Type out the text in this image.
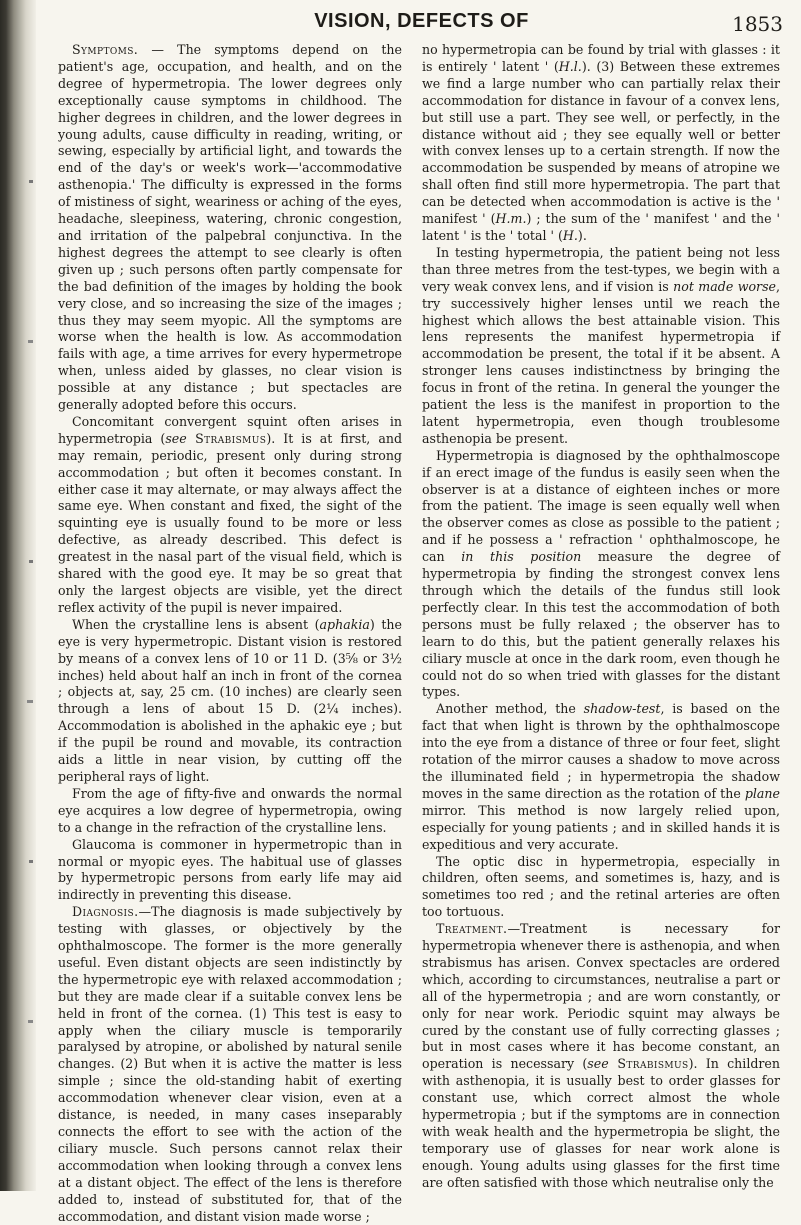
VISION, DEFECTS OF	1853

Symptoms. — The symptoms depend on the patient's age, occupation, and health, and on the degree of hypermetropia. The lower degrees only exceptionally cause symptoms in childhood. The higher degrees in children, and the lower degrees in young adults, cause difficulty in reading, writing, or sewing, especially by artificial light, and towards the end of the day's or week's work—'accommodative asthenopia.' The difficulty is expressed in the forms of mistiness of sight, weariness or aching of the eyes, headache, sleepiness, watering, chronic congestion, and irritation of the palpebral conjunctiva. In the highest degrees the attempt to see clearly is often given up ; such persons often partly compensate for the bad definition of the images by holding the book very close, and so increasing the size of the images ; thus they may seem myopic. All the symptoms are worse when the health is low. As accommodation fails with age, a time arrives for every hypermetrope when, unless aided by glasses, no clear vision is possible at any distance ; but spectacles are generally adopted before this occurs.

Concomitant convergent squint often arises in hypermetropia (see Strabismus). It is at first, and may remain, periodic, present only during strong accommodation ; but often it becomes constant. In either case it may alternate, or may always affect the same eye. When constant and fixed, the sight of the squinting eye is usually found to be more or less defective, as already described. This defect is greatest in the nasal part of the visual field, which is shared with the good eye. It may be so great that only the largest objects are visible, yet the direct reflex activity of the pupil is never impaired.

When the crystalline lens is absent (aphakia) the eye is very hypermetropic. Distant vision is restored by means of a convex lens of 10 or 11 D. (3⅝ or 3½ inches) held about half an inch in front of the cornea ; objects at, say, 25 cm. (10 inches) are clearly seen through a lens of about 15 D. (2¼ inches). Accommodation is abolished in the aphakic eye ; but if the pupil be round and movable, its contraction aids a little in near vision, by cutting off the peripheral rays of light.

From the age of fifty-five and onwards the normal eye acquires a low degree of hypermetropia, owing to a change in the refraction of the crystalline lens.

Glaucoma is commoner in hypermetropic than in normal or myopic eyes. The habitual use of glasses by hypermetropic persons from early life may aid indirectly in preventing this disease.

Diagnosis.—The diagnosis is made subjectively by testing with glasses, or objectively by the ophthalmoscope. The former is the more generally useful. Even distant objects are seen indistinctly by the hypermetropic eye with relaxed accommodation ; but they are made clear if a suitable convex lens be held in front of the cornea. (1) This test is easy to apply when the ciliary muscle is temporarily paralysed by atropine, or abolished by natural senile changes. (2) But when it is active the matter is less simple ; since the old-standing habit of exerting accommodation whenever clear vision, even at a distance, is needed, in many cases inseparably connects the effort to see with the action of the ciliary muscle. Such persons cannot relax their accommodation when looking through a convex lens at a distant object. The effect of the lens is therefore added to, instead of substituted for, that of the accommodation, and distant vision made worse ;

no hypermetropia can be found by trial with glasses : it is entirely ' latent ' (H.l.). (3) Between these extremes we find a large number who can partially relax their accommodation for distance in favour of a convex lens, but still use a part. They see well, or perfectly, in the distance without aid ; they see equally well or better with convex lenses up to a certain strength. If now the accommodation be suspended by means of atropine we shall often find still more hypermetropia. The part that can be detected when accommodation is active is the ' manifest ' (H.m.) ; the sum of the ' manifest ' and the ' latent ' is the ' total ' (H.).

In testing hypermetropia, the patient being not less than three metres from the test-types, we begin with a very weak convex lens, and if vision is not made worse, try successively higher lenses until we reach the highest which allows the best attainable vision. This lens represents the manifest hypermetropia if accommodation be present, the total if it be absent. A stronger lens causes indistinctness by bringing the focus in front of the retina. In general the younger the patient the less is the manifest in proportion to the latent hypermetropia, even though troublesome asthenopia be present.

Hypermetropia is diagnosed by the ophthalmoscope if an erect image of the fundus is easily seen when the observer is at a distance of eighteen inches or more from the patient. The image is seen equally well when the observer comes as close as possible to the patient ; and if he possess a ' refraction ' ophthalmoscope, he can in this position measure the degree of hypermetropia by finding the strongest convex lens through which the details of the fundus still look perfectly clear. In this test the accommodation of both persons must be fully relaxed ; the observer has to learn to do this, but the patient generally relaxes his ciliary muscle at once in the dark room, even though he could not do so when tried with glasses for the distant types.

Another method, the shadow-test, is based on the fact that when light is thrown by the ophthalmoscope into the eye from a distance of three or four feet, slight rotation of the mirror causes a shadow to move across the illuminated field ; in hypermetropia the shadow moves in the same direction as the rotation of the plane mirror. This method is now largely relied upon, especially for young patients ; and in skilled hands it is expeditious and very accurate.

The optic disc in hypermetropia, especially in children, often seems, and sometimes is, hazy, and is sometimes too red ; and the retinal arteries are often too tortuous.

Treatment.—Treatment is necessary for hypermetropia whenever there is asthenopia, and when strabismus has arisen. Convex spectacles are ordered which, according to circumstances, neutralise a part or all of the hypermetropia ; and are worn constantly, or only for near work. Periodic squint may always be cured by the constant use of fully correcting glasses ; but in most cases where it has become constant, an operation is necessary (see Strabismus). In children with asthenopia, it is usually best to order glasses for constant use, which correct almost the whole hypermetropia ; but if the symptoms are in connection with weak health and the hypermetropia be slight, the temporary use of glasses for near work alone is enough. Young adults using glasses for the first time are often satisfied with those which neutralise only the
